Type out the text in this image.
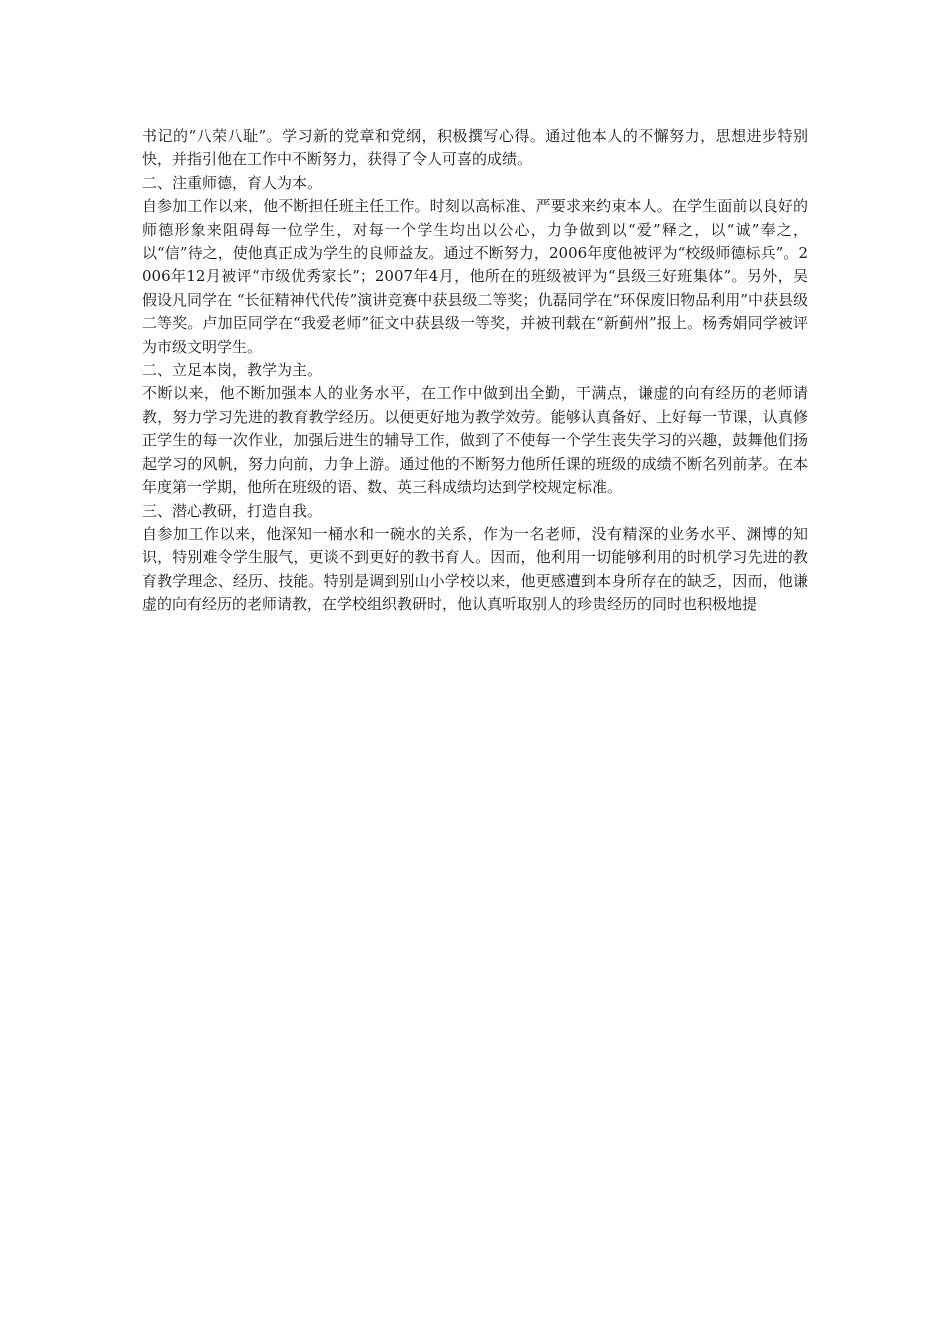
书记的“八荣八耻”。学习新的党章和党纲，积极撰写心得。通过他本人的不懈努力，思想进步特别快，并指引他在工作中不断努力，获得了令人可喜的成绩。

二、注重师德，育人为本。

自参加工作以来，他不断担任班主任工作。时刻以高标准、严要求来约束本人。在学生面前以良好的师德形象来阻碍每一位学生，对每一个学生均出以公心，力争做到以“爱”释之，以“诚”奉之，以“信”待之，使他真正成为学生的良师益友。通过不断努力，2006年度他被评为“校级师德标兵”。2006年12月被评“市级优秀家长”；2007年4月，他所在的班级被评为“县级三好班集体”。另外，吴假设凡同学在 “长征精神代代传”演讲竞赛中获县级二等奖；仇磊同学在“环保废旧物品利用”中获县级二等奖。卢加臣同学在“我爱老师”征文中获县级一等奖，并被刊载在“新蓟州”报上。杨秀娟同学被评为市级文明学生。

二、立足本岗，教学为主。

不断以来，他不断加强本人的业务水平，在工作中做到出全勤，干满点，谦虚的向有经历的老师请教，努力学习先进的教育教学经历。以便更好地为教学效劳。能够认真备好、上好每一节课，认真修正学生的每一次作业，加强后进生的辅导工作，做到了不使每一个学生丧失学习的兴趣，鼓舞他们扬起学习的风帆，努力向前，力争上游。通过他的不断努力他所任课的班级的成绩不断名列前茅。在本年度第一学期，他所在班级的语、数、英三科成绩均达到学校规定标准。

三、潜心教研，打造自我。

自参加工作以来，他深知一桶水和一碗水的关系，作为一名老师，没有精深的业务水平、渊博的知识，特别难令学生服气，更谈不到更好的教书育人。因而，他利用一切能够利用的时机学习先进的教育教学理念、经历、技能。特别是调到别山小学校以来，他更感遭到本身所存在的缺乏，因而，他谦虚的向有经历的老师请教，在学校组织教研时，他认真听取别人的珍贵经历的同时也积极地提
